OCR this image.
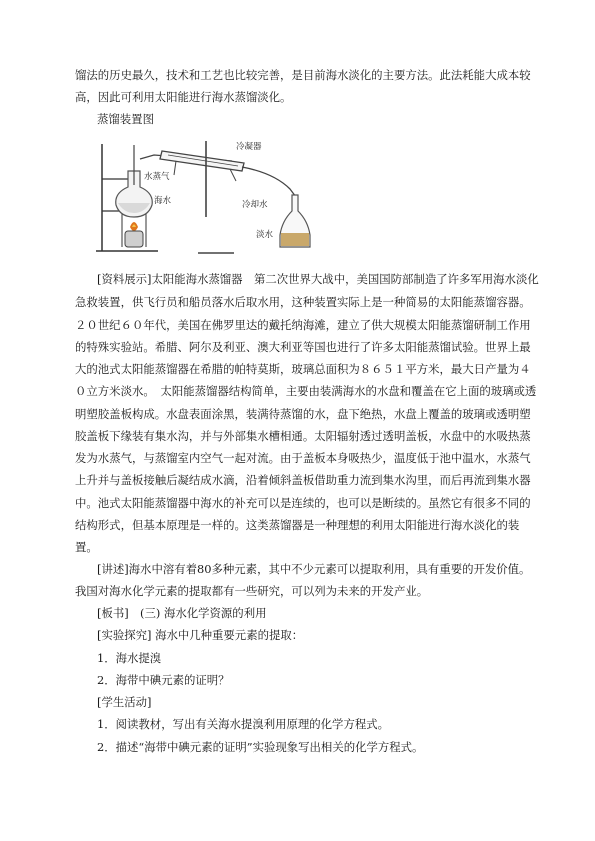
馏法的历史最久，技术和工艺也比较完善，是目前海水淡化的主要方法。此法耗能大成本较
高，因此可利用太阳能进行海水蒸馏淡化。
蒸馏装置图
水蒸气
冷凝器
海水	冷却水
淡水
[资料展示]太阳能海水蒸馏器　第二次世界大战中，美国国防部制造了许多军用海水淡化
急救装置，供飞行员和船员落水后取水用，这种装置实际上是一种简易的太阳能蒸馏容器。
２０世纪６０年代，美国在佛罗里达的戴托纳海滩，建立了供大规模太阳能蒸馏研制工作用
的特殊实验站。希腊、阿尔及利亚、澳大利亚等国也进行了许多太阳能蒸馏试验。世界上最
大的池式太阳能蒸馏器在希腊的帕特莫斯，玻璃总面积为８６５１平方米，最大日产量为４
０立方米淡水。　太阳能蒸馏器结构简单，主要由装满海水的水盘和覆盖在它上面的玻璃或透
明塑胶盖板构成。水盘表面涂黑，装满待蒸馏的水，盘下绝热，水盘上覆盖的玻璃或透明塑
胶盖板下缘装有集水沟，并与外部集水槽相通。太阳辐射透过透明盖板，水盘中的水吸热蒸
发为水蒸气，与蒸馏室内空气一起对流。由于盖板本身吸热少，温度低于池中温水，水蒸气
上升并与盖板接触后凝结成水滴，沿着倾斜盖板借助重力流到集水沟里，而后再流到集水器
中。池式太阳能蒸馏器中海水的补充可以是连续的，也可以是断续的。虽然它有很多不同的
结构形式，但基本原理是一样的。这类蒸馏器是一种理想的利用太阳能进行海水淡化的装
置。
[讲述]海水中溶有着80多种元素，其中不少元素可以提取利用，具有重要的开发价值。
我国对海水化学元素的提取都有一些研究，可以列为未来的开发产业。
[板书]　(三) 海水化学资源的利用
[实验探究] 海水中几种重要元素的提取：
1．海水提溴
2．海带中碘元素的证明？
[学生活动]
1．阅读教材，写出有关海水提溴利用原理的化学方程式。
2．描述“海带中碘元素的证明”实验现象写出相关的化学方程式。
